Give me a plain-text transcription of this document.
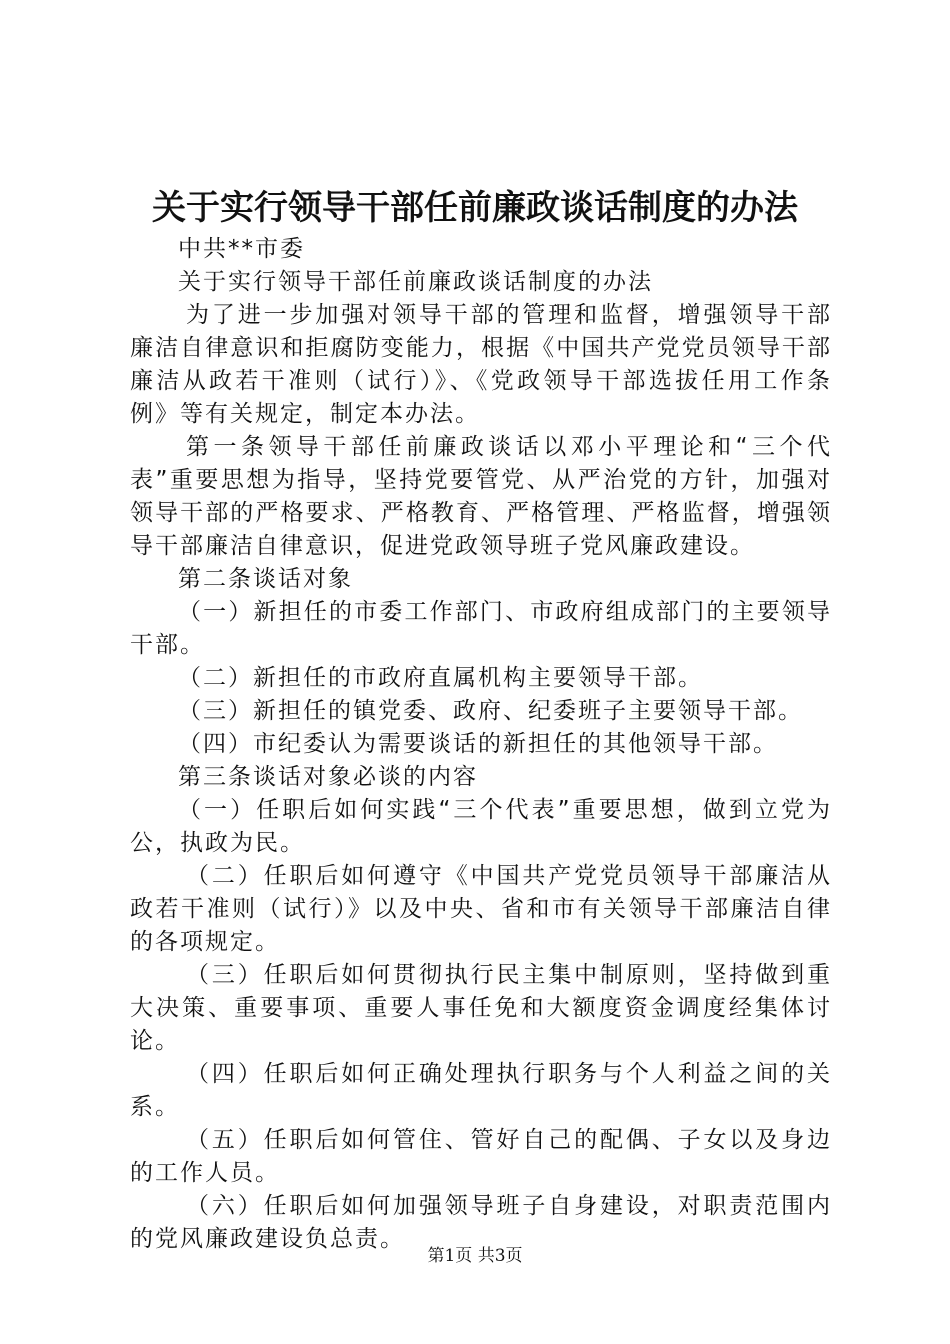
关于实行领导干部任前廉政谈话制度的办法

中共**市委

关于实行领导干部任前廉政谈话制度的办法

为了进一步加强对领导干部的管理和监督，增强领导干部廉洁自律意识和拒腐防变能力，根据《中国共产党党员领导干部廉洁从政若干准则（试行）》、《党政领导干部选拔任用工作条例》等有关规定，制定本办法。

第一条领导干部任前廉政谈话以邓小平理论和“三个代表”重要思想为指导，坚持党要管党、从严治党的方针，加强对领导干部的严格要求、严格教育、严格管理、严格监督，增强领导干部廉洁自律意识，促进党政领导班子党风廉政建设。

第二条谈话对象

（一）新担任的市委工作部门、市政府组成部门的主要领导干部。

（二）新担任的市政府直属机构主要领导干部。

（三）新担任的镇党委、政府、纪委班子主要领导干部。

（四）市纪委认为需要谈话的新担任的其他领导干部。

第三条谈话对象必谈的内容

（一）任职后如何实践“三个代表”重要思想，做到立党为公，执政为民。

（二）任职后如何遵守《中国共产党党员领导干部廉洁从政若干准则（试行）》以及中央、省和市有关领导干部廉洁自律的各项规定。

（三）任职后如何贯彻执行民主集中制原则，坚持做到重大决策、重要事项、重要人事任免和大额度资金调度经集体讨论。

（四）任职后如何正确处理执行职务与个人利益之间的关系。

（五）任职后如何管住、管好自己的配偶、子女以及身边的工作人员。

（六）任职后如何加强领导班子自身建设，对职责范围内的党风廉政建设负总责。

第1页 共3页
